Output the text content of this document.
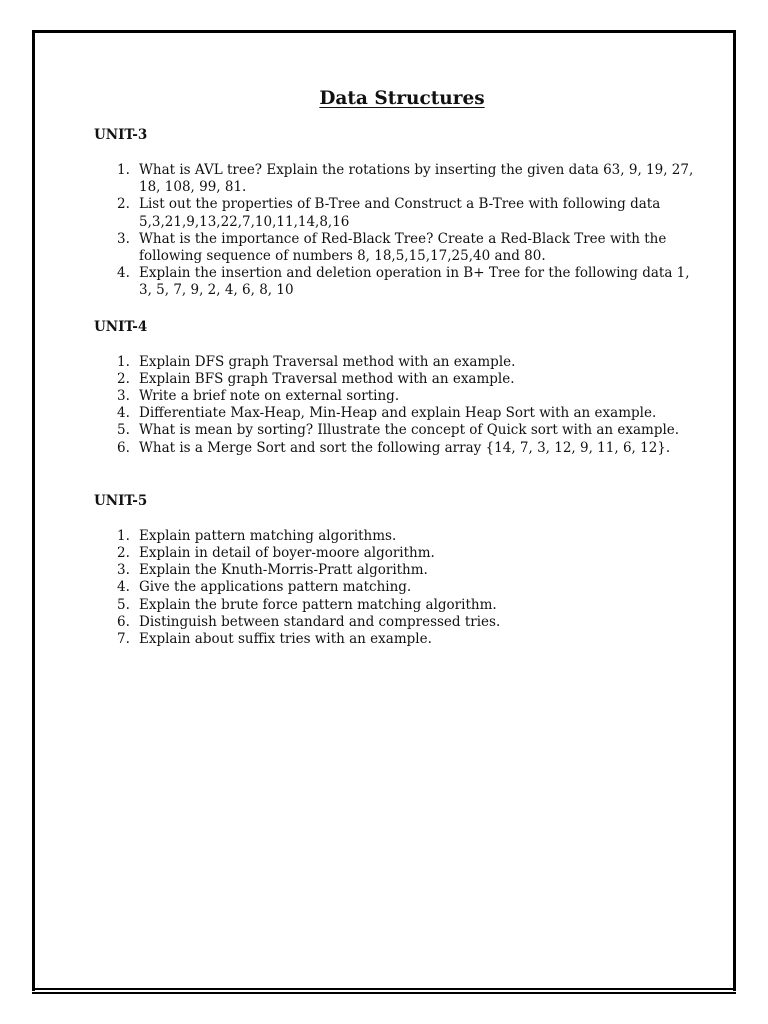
Data Structures
UNIT-3
1. What is AVL tree? Explain the rotations by inserting the given data 63, 9, 19, 27, 18, 108, 99, 81.
2. List out the properties of B-Tree and Construct a B-Tree with following data 5,3,21,9,13,22,7,10,11,14,8,16
3. What is the importance of Red-Black Tree? Create a Red-Black Tree with the following sequence of numbers 8, 18,5,15,17,25,40 and 80.
4. Explain the insertion and deletion operation in B+ Tree for the following data 1, 3, 5, 7, 9, 2, 4, 6, 8, 10
UNIT-4
1. Explain DFS graph Traversal method with an example.
2. Explain BFS graph Traversal method with an example.
3. Write a brief note on external sorting.
4. Differentiate Max-Heap, Min-Heap and explain Heap Sort with an example.
5. What is mean by sorting? Illustrate the concept of Quick sort with an example.
6. What is a Merge Sort and sort the following array {14, 7, 3, 12, 9, 11, 6, 12}.
UNIT-5
1. Explain pattern matching algorithms.
2. Explain in detail of boyer-moore algorithm.
3. Explain the Knuth-Morris-Pratt algorithm.
4. Give the applications pattern matching.
5. Explain the brute force pattern matching algorithm.
6. Distinguish between standard and compressed tries.
7. Explain about suffix tries with an example.
